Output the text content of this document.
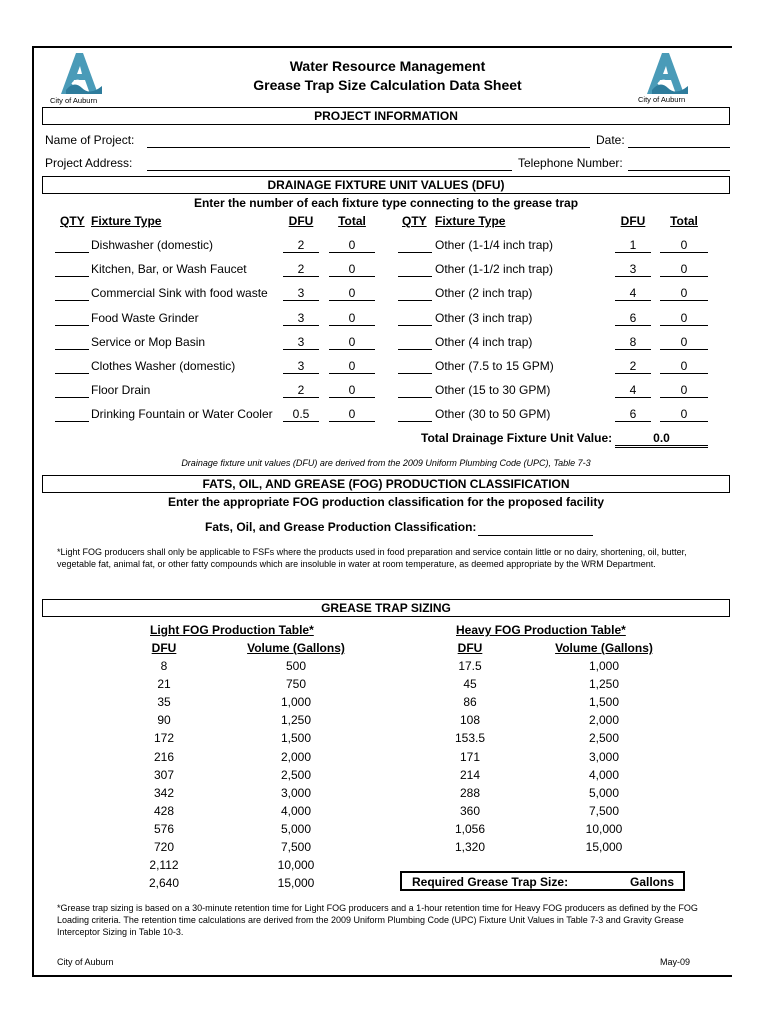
City of Auburn	City of Auburn
Water Resource Management
Grease Trap Size Calculation Data Sheet
PROJECT INFORMATION
Name of Project:	Date:
Project Address:	Telephone Number:
DRAINAGE FIXTURE UNIT VALUES (DFU)
Enter the number of each fixture type connecting to the grease trap
QTY Fixture Type	DFU	Total	QTY Fixture Type	DFU	Total
Dishwasher (domestic)	2	0
Kitchen, Bar, or Wash Faucet	2	0
Commercial Sink with food waste	3	0
Food Waste Grinder	3	0
Service or Mop Basin	3	0
Clothes Washer (domestic)	3	0
Floor Drain	2	0
Drinking Fountain or Water Cooler	0.5	0
Other (1-1/4 inch trap)	1	0
Other (1-1/2 inch trap)	3	0
Other (2 inch trap)	4	0
Other (3 inch trap)	6	0
Other (4 inch trap)	8	0
Other (7.5 to 15 GPM)	2	0
Other (15 to 30 GPM)	4	0
Other (30 to 50 GPM)	6	0
Total Drainage Fixture Unit Value:	0.0
Drainage fixture unit values (DFU) are derived from the 2009 Uniform Plumbing Code (UPC), Table 7-3
FATS, OIL, AND GREASE (FOG) PRODUCTION CLASSIFICATION
Enter the appropriate FOG production classification for the proposed facility
Fats, Oil, and Grease Production Classification:
*Light FOG producers shall only be applicable to FSFs where the products used in food preparation and service contain little or no dairy, shortening, oil, butter, vegetable fat, animal fat, or other fatty compounds which are insoluble in water at room temperature, as deemed appropriate by the WRM Department.
GREASE TRAP SIZING
Light FOG Production Table*	Heavy FOG Production Table*
DFU	Volume (Gallons)	DFU	Volume (Gallons)
8	500
21	750
35	1,000
90	1,250
172	1,500
216	2,000
307	2,500
342	3,000
428	4,000
576	5,000
720	7,500
2,112	10,000
2,640	15,000
17.5	1,000
45	1,250
86	1,500
108	2,000
153.5	2,500
171	3,000
214	4,000
288	5,000
360	7,500
1,056	10,000
1,320	15,000
Required Grease Trap Size:	Gallons
*Grease trap sizing is based on a 30-minute retention time for Light FOG producers and a 1-hour retention time for Heavy FOG producers as defined by the FOG Loading criteria. The retention time calculations are derived from the 2009 Uniform Plumbing Code (UPC) Fixture Unit Values in Table 7-3 and Gravity Grease Interceptor Sizing in Table 10-3.
City of Auburn	May-09
